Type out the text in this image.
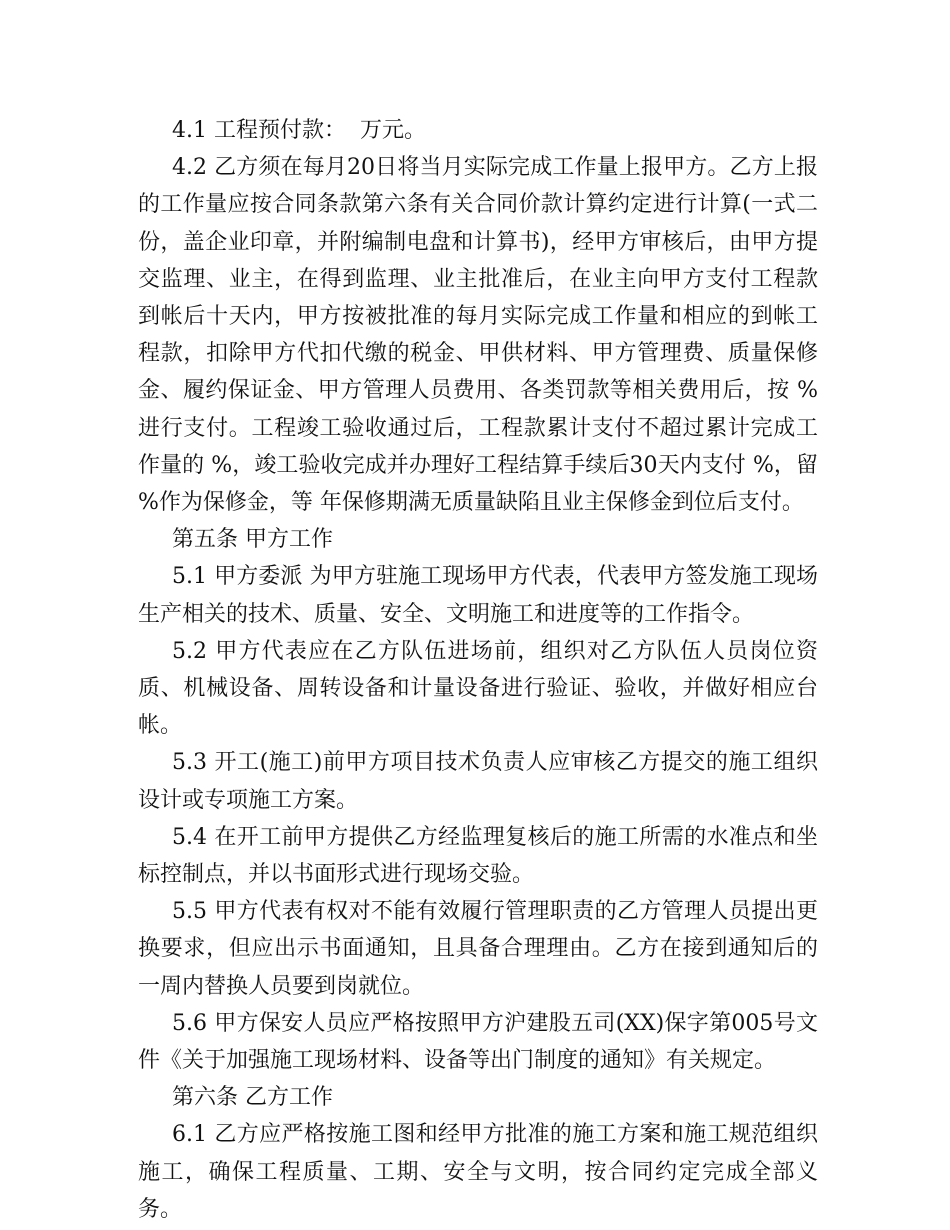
4.1 工程预付款：  万元。

4.2 乙方须在每月20日将当月实际完成工作量上报甲方。乙方上报的工作量应按合同条款第六条有关合同价款计算约定进行计算(一式二份，盖企业印章，并附编制电盘和计算书)，经甲方审核后，由甲方提交监理、业主，在得到监理、业主批准后，在业主向甲方支付工程款到帐后十天内，甲方按被批准的每月实际完成工作量和相应的到帐工程款，扣除甲方代扣代缴的税金、甲供材料、甲方管理费、质量保修金、履约保证金、甲方管理人员费用、各类罚款等相关费用后，按 %进行支付。工程竣工验收通过后，工程款累计支付不超过累计完成工作量的 %，竣工验收完成并办理好工程结算手续后30天内支付 %，留 %作为保修金，等 年保修期满无质量缺陷且业主保修金到位后支付。

第五条 甲方工作

5.1 甲方委派 为甲方驻施工现场甲方代表，代表甲方签发施工现场生产相关的技术、质量、安全、文明施工和进度等的工作指令。

5.2 甲方代表应在乙方队伍进场前，组织对乙方队伍人员岗位资质、机械设备、周转设备和计量设备进行验证、验收，并做好相应台帐。

5.3 开工(施工)前甲方项目技术负责人应审核乙方提交的施工组织设计或专项施工方案。

5.4 在开工前甲方提供乙方经监理复核后的施工所需的水准点和坐标控制点，并以书面形式进行现场交验。

5.5 甲方代表有权对不能有效履行管理职责的乙方管理人员提出更换要求，但应出示书面通知，且具备合理理由。乙方在接到通知后的一周内替换人员要到岗就位。

5.6 甲方保安人员应严格按照甲方沪建股五司(XX)保字第005号文件《关于加强施工现场材料、设备等出门制度的通知》有关规定。

第六条 乙方工作

6.1 乙方应严格按施工图和经甲方批准的施工方案和施工规范组织施工，确保工程质量、工期、安全与文明，按合同约定完成全部义务。
